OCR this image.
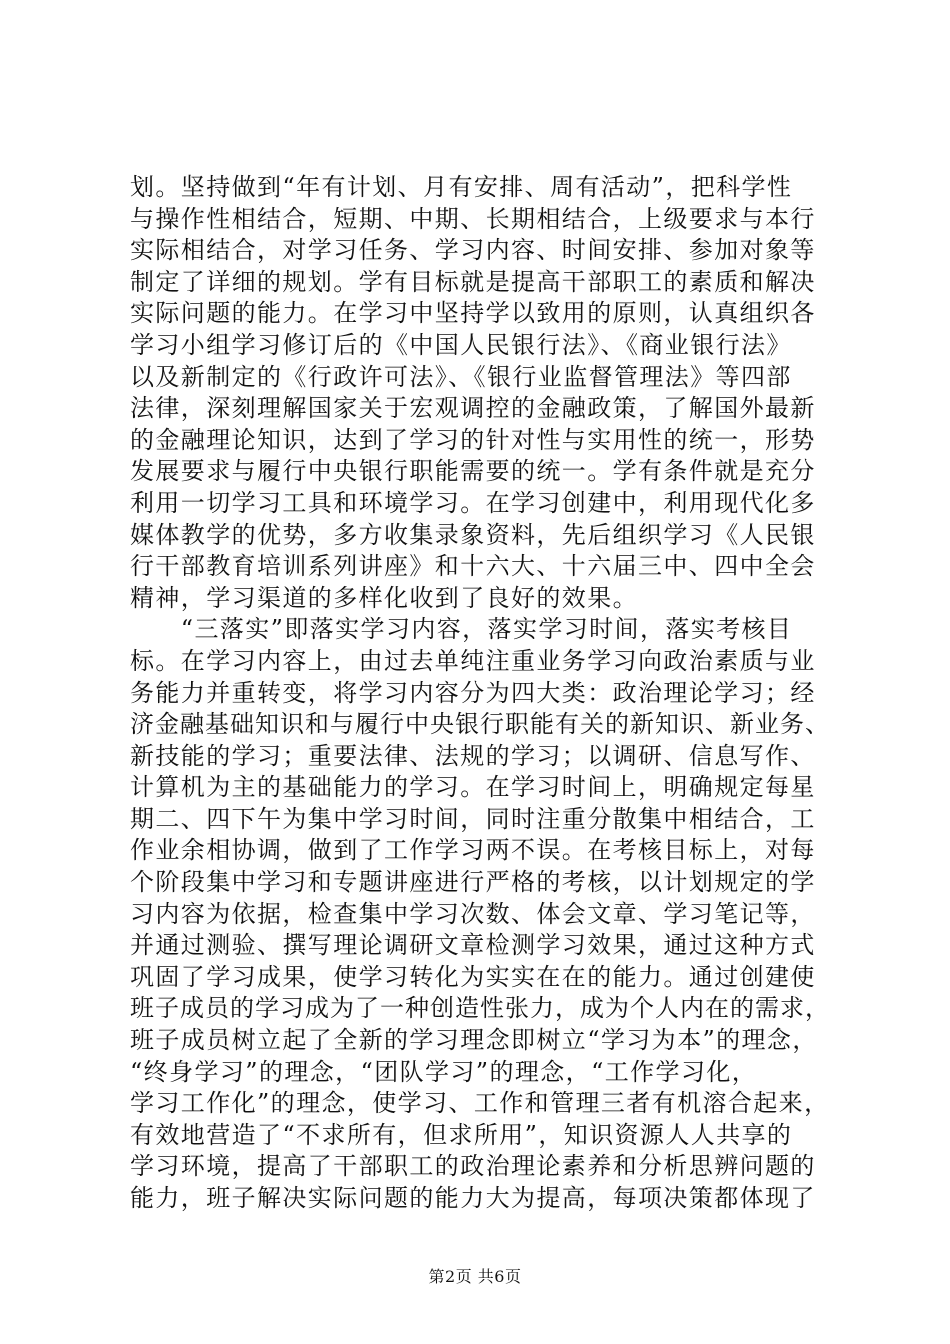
划。坚持做到“年有计划、月有安排、周有活动”，把科学性
与操作性相结合，短期、中期、长期相结合，上级要求与本行
实际相结合，对学习任务、学习内容、时间安排、参加对象等
制定了详细的规划。学有目标就是提高干部职工的素质和解决
实际问题的能力。在学习中坚持学以致用的原则，认真组织各
学习小组学习修订后的《中国人民银行法》、《商业银行法》
以及新制定的《行政许可法》、《银行业监督管理法》等四部
法律，深刻理解国家关于宏观调控的金融政策，了解国外最新
的金融理论知识，达到了学习的针对性与实用性的统一，形势
发展要求与履行中央银行职能需要的统一。学有条件就是充分
利用一切学习工具和环境学习。在学习创建中，利用现代化多
媒体教学的优势，多方收集录象资料，先后组织学习《人民银
行干部教育培训系列讲座》和十六大、十六届三中、四中全会
精神，学习渠道的多样化收到了良好的效果。
　　“三落实”即落实学习内容，落实学习时间，落实考核目
标。在学习内容上，由过去单纯注重业务学习向政治素质与业
务能力并重转变，将学习内容分为四大类：政治理论学习；经
济金融基础知识和与履行中央银行职能有关的新知识、新业务、
新技能的学习；重要法律、法规的学习；以调研、信息写作、
计算机为主的基础能力的学习。在学习时间上，明确规定每星
期二、四下午为集中学习时间，同时注重分散集中相结合，工
作业余相协调，做到了工作学习两不误。在考核目标上，对每
个阶段集中学习和专题讲座进行严格的考核，以计划规定的学
习内容为依据，检查集中学习次数、体会文章、学习笔记等，
并通过测验、撰写理论调研文章检测学习效果，通过这种方式
巩固了学习成果，使学习转化为实实在在的能力。通过创建使
班子成员的学习成为了一种创造性张力，成为个人内在的需求，
班子成员树立起了全新的学习理念即树立“学习为本”的理念，
“终身学习”的理念，“团队学习”的理念，“工作学习化，
学习工作化”的理念，使学习、工作和管理三者有机溶合起来，
有效地营造了“不求所有，但求所用”，知识资源人人共享的
学习环境，提高了干部职工的政治理论素养和分析思辨问题的
能力，班子解决实际问题的能力大为提高，每项决策都体现了
第2页 共6页
